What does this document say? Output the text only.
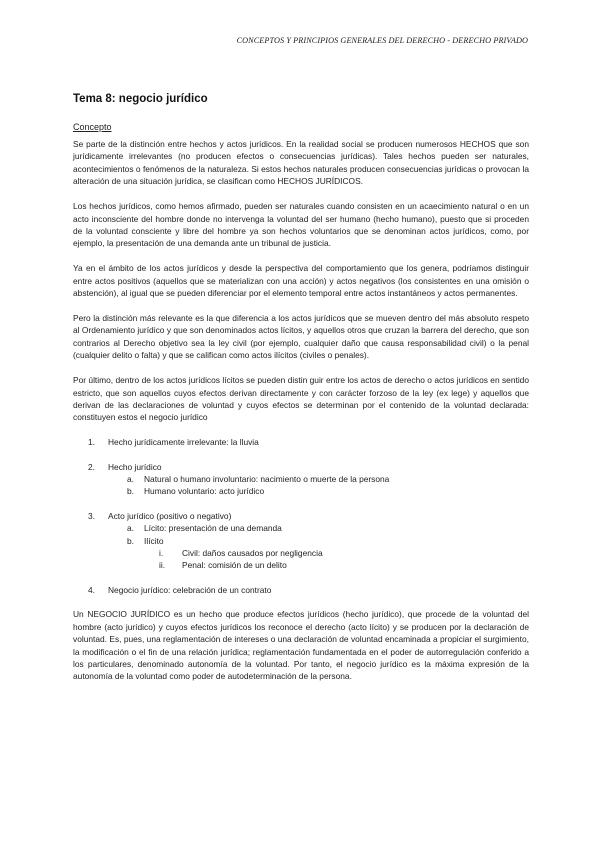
CONCEPTOS Y PRINCIPIOS GENERALES DEL DERECHO - DERECHO PRIVADO
Tema 8: negocio jurídico
Concepto

Se parte de la distinción entre hechos y actos jurídicos. En la realidad social se producen numerosos HECHOS que son jurídicamente irrelevantes (no producen efectos o consecuencias jurídicas). Tales hechos pueden ser naturales, acontecimientos o fenómenos de la naturaleza. Si estos hechos naturales producen consecuencias jurídicas o provocan la alteración de una situación jurídica, se clasifican como HECHOS JURÍDICOS.

Los hechos jurídicos, como hemos afirmado, pueden ser naturales cuando consisten en un acaecimiento natural o en un acto inconsciente del hombre donde no intervenga la voluntad del ser humano (hecho humano), puesto que si proceden de la voluntad consciente y libre del hombre ya son hechos voluntarios que se denominan actos jurídicos, como, por ejemplo, la presentación de una demanda ante un tribunal de justicia.

Ya en el ámbito de los actos jurídicos y desde la perspectiva del comportamiento que los genera, podríamos distinguir entre actos positivos (aquellos que se materializan con una acción) y actos negativos (los consistentes en una omisión o abstención), al igual que se pueden diferenciar por el elemento temporal entre actos instantáneos y actos permanentes.

Pero la distinción más relevante es la que diferencia a los actos jurídicos que se mueven dentro del más absoluto respeto al Ordenamiento jurídico y que son denominados actos lícitos, y aquellos otros que cruzan la barrera del derecho, que son contrarios al Derecho objetivo sea la ley civil (por ejemplo, cualquier daño que causa responsabilidad civil) o la penal (cualquier delito o falta) y que se califican como actos ilícitos (civiles o penales).

Por último, dentro de los actos jurídicos lícitos se pueden distin guir entre los actos de derecho o actos jurídicos en sentido estricto, que son aquellos cuyos efectos derivan directamente y con carácter forzoso de la ley (ex lege) y aquellos que derivan de las declaraciones de voluntad y cuyos efectos se determinan por el contenido de la voluntad declarada: constituyen estos el negocio jurídico

1.	Hecho jurídicamente irrelevante: la lluvia
2.	Hecho jurídico
a.	Natural o humano involuntario: nacimiento o muerte de la persona
b.	Humano voluntario: acto jurídico
3.	Acto jurídico (positivo o negativo)
a.	Lícito: presentación de una demanda
b.	Ilícito
i.	Civil: daños causados por negligencia
ii.	Penal: comisión de un delito
4.	Negocio jurídico: celebración de un contrato

Un NEGOCIO JURÍDICO es un hecho que produce efectos jurídicos (hecho jurídico), que procede de la voluntad del hombre (acto jurídico) y cuyos efectos jurídicos los reconoce el derecho (acto lícito) y se producen por la declaración de voluntad. Es, pues, una reglamentación de intereses o una declaración de voluntad encaminada a propiciar el surgimiento, la modificación o el fin de una relación jurídica; reglamentación fundamentada en el poder de autorregulación conferido a los particulares, denominado autonomía de la voluntad. Por tanto, el negocio jurídico es la máxima expresión de la autonomía de la voluntad como poder de autodeterminación de la persona.
